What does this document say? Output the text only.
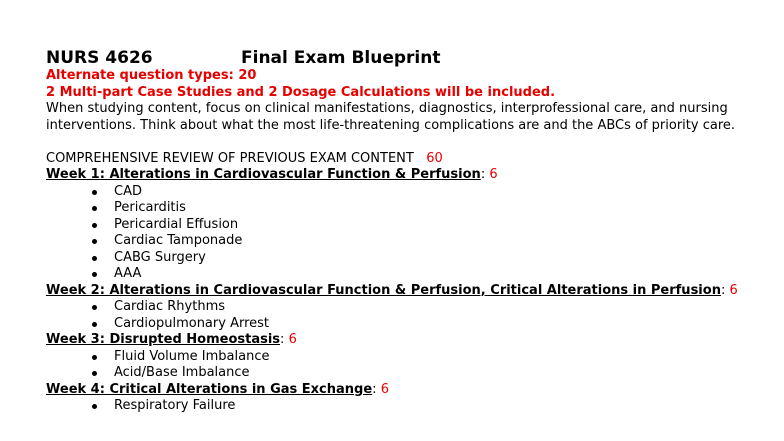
NURS 4626	Final Exam Blueprint
Alternate question types: 20
2 Multi-part Case Studies and 2 Dosage Calculations will be included.
When studying content, focus on clinical manifestations, diagnostics, interprofessional care, and nursing interventions. Think about what the most life-threatening complications are and the ABCs of priority care.
COMPREHENSIVE REVIEW OF PREVIOUS EXAM CONTENT 60
Week 1: Alterations in Cardiovascular Function & Perfusion: 6
CAD
Pericarditis
Pericardial Effusion
Cardiac Tamponade
CABG Surgery
AAA
Week 2: Alterations in Cardiovascular Function & Perfusion, Critical Alterations in Perfusion: 6
Cardiac Rhythms
Cardiopulmonary Arrest
Week 3: Disrupted Homeostasis: 6
Fluid Volume Imbalance
Acid/Base Imbalance
Week 4: Critical Alterations in Gas Exchange: 6
Respiratory Failure
